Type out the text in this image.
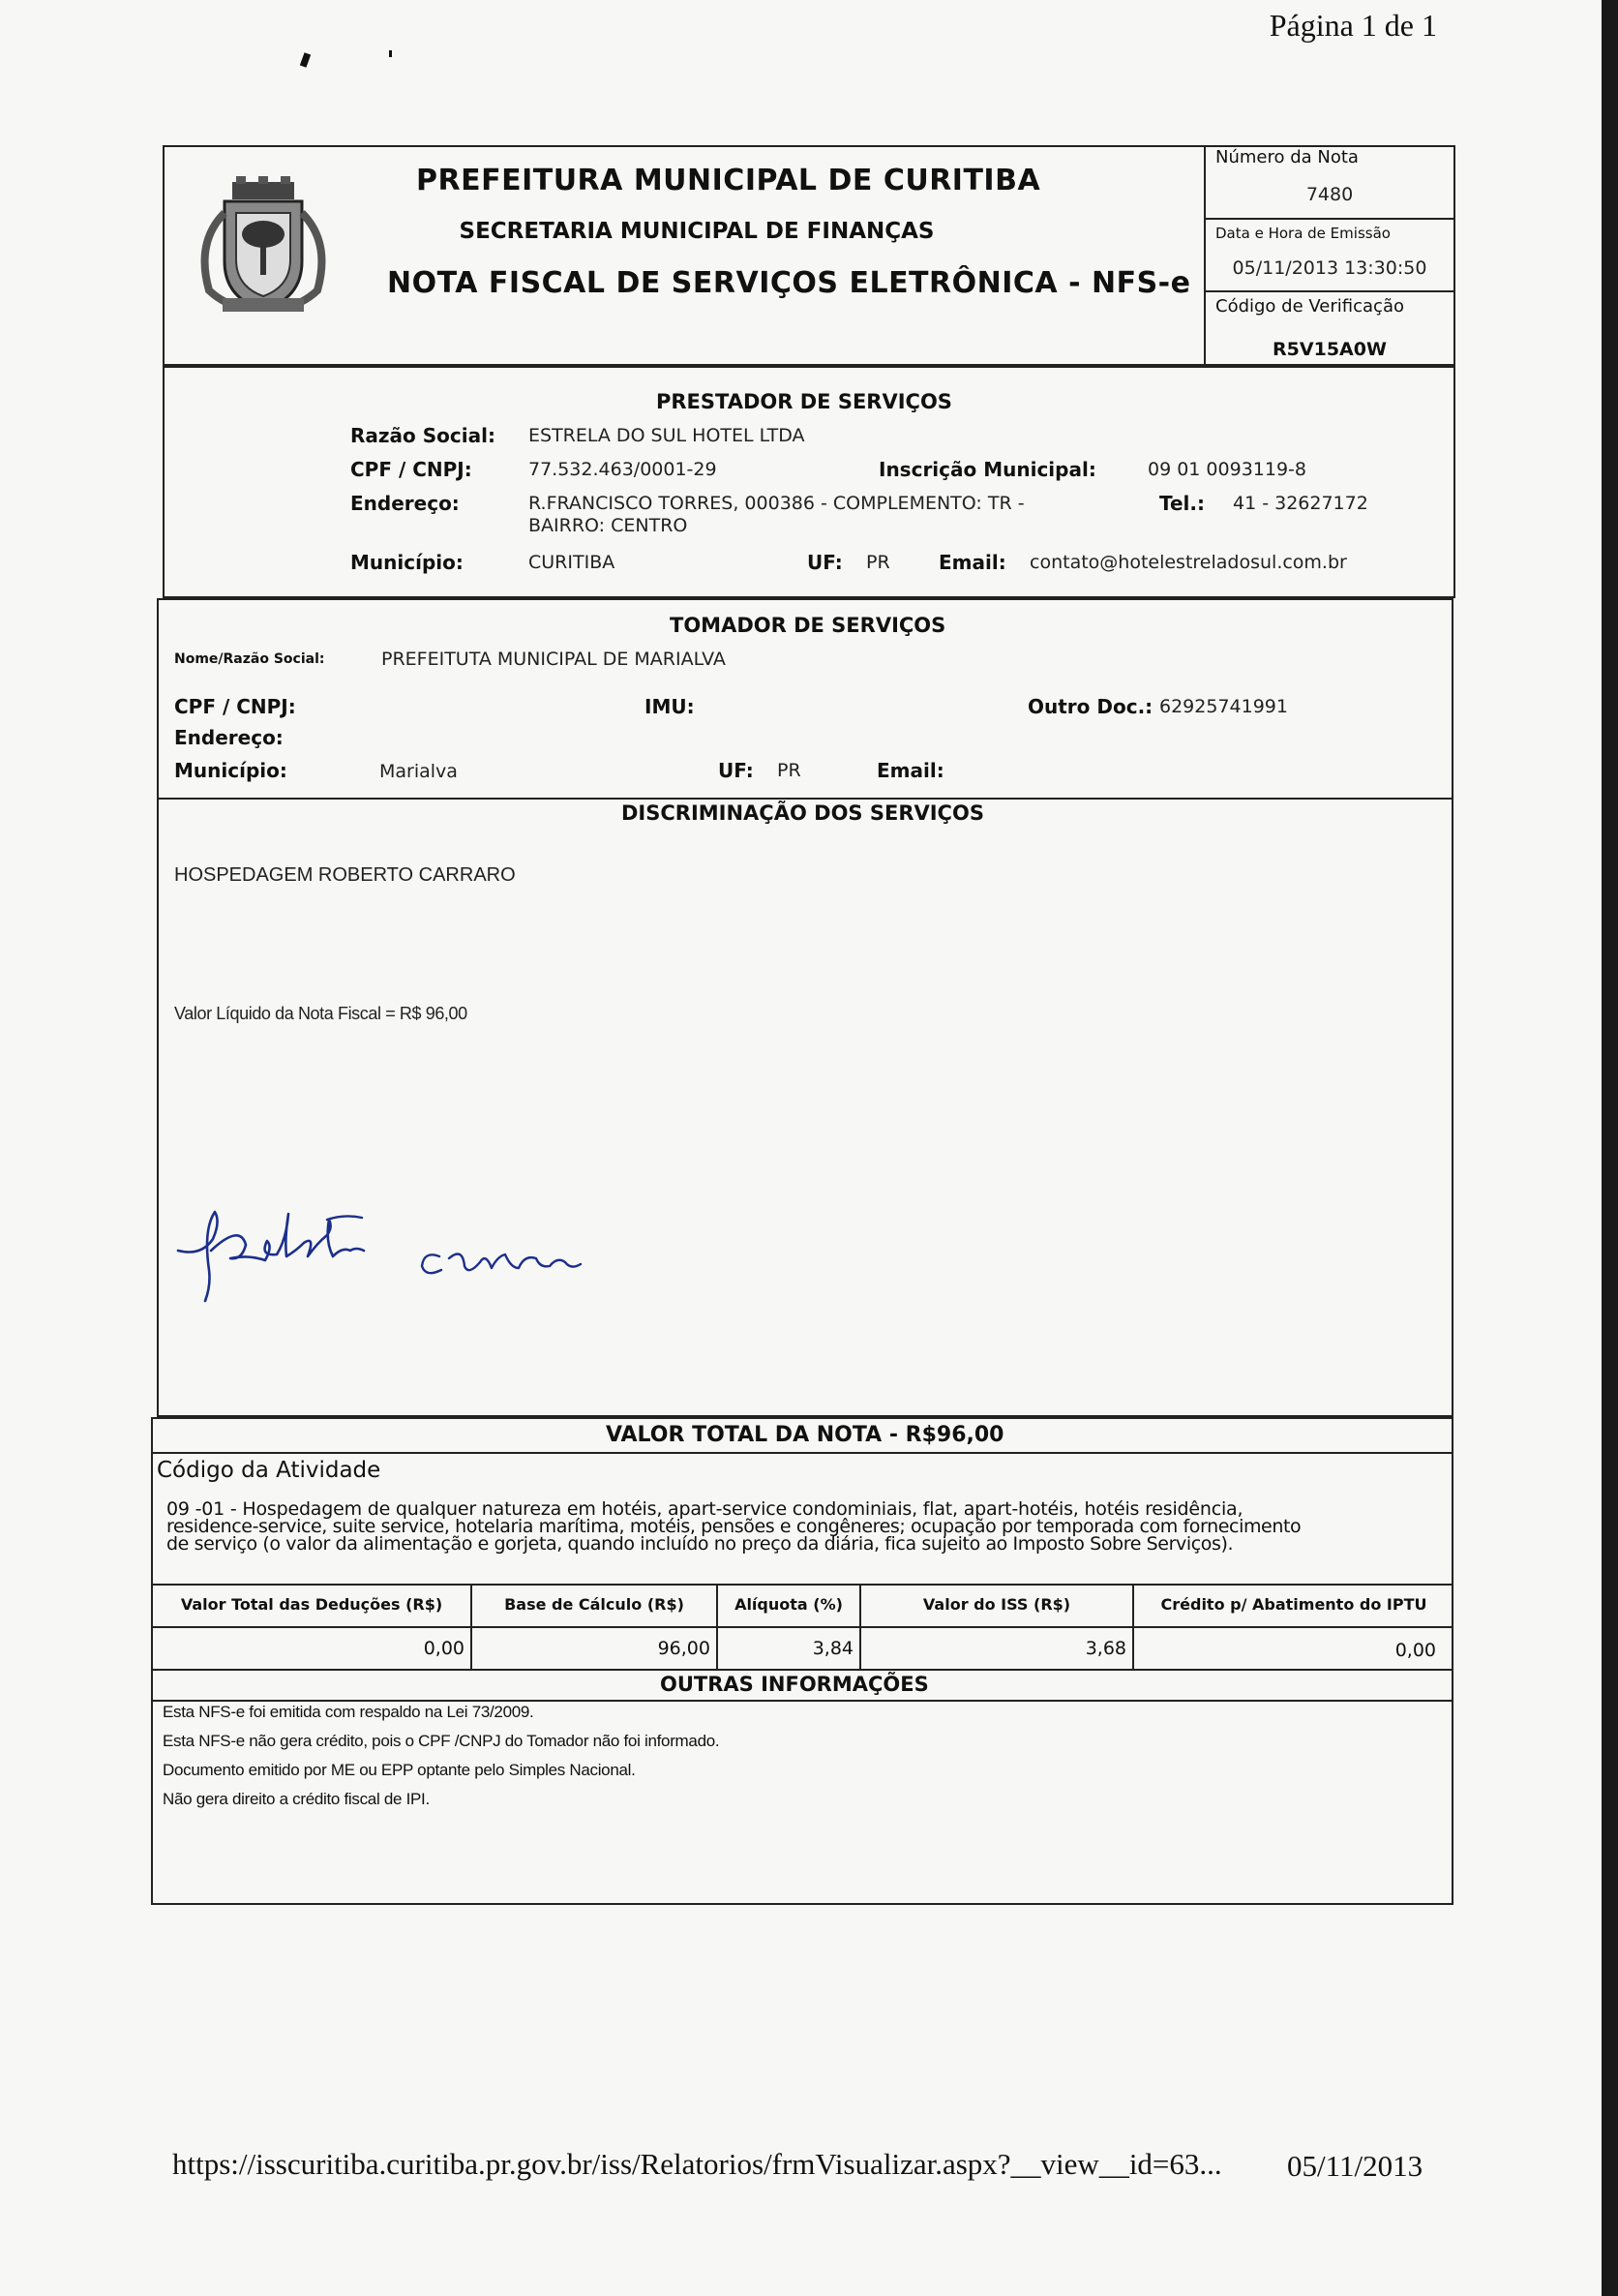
Página 1 de 1
PREFEITURA MUNICIPAL DE CURITIBA
SECRETARIA MUNICIPAL DE FINANÇAS
NOTA FISCAL DE SERVIÇOS ELETRÔNICA - NFS-e
Número da Nota
7480
Data e Hora de Emissão
05/11/2013 13:30:50
Código de Verificação
R5V15A0W
PRESTADOR DE SERVIÇOS
Razão Social: ESTRELA DO SUL HOTEL LTDA
CPF / CNPJ:	77.532.463/0001-29	Inscrição Municipal:	09 01 0093119-8
Endereço:	R.FRANCISCO TORRES, 000386 - COMPLEMENTO: TR -
BAIRRO: CENTRO
Tel.: 41 - 32627172
Município:	CURITIBA	UF: PR	Email: contato@hotelestreladosul.com.br
TOMADOR DE SERVIÇOS
Nome/Razão Social:	PREFEITUTA MUNICIPAL DE MARIALVA
CPF / CNPJ:	IMU:	Outro Doc.: 62925741991
Endereço:
Município:	Marialva	UF: PR	Email:
DISCRIMINAÇÃO DOS SERVIÇOS
HOSPEDAGEM ROBERTO CARRARO
Valor Líquido da Nota Fiscal = R$ 96,00
VALOR TOTAL DA NOTA - R$96,00
Código da Atividade
09 -01 - Hospedagem de qualquer natureza em hotéis, apart-service condominiais, flat, apart-hotéis, hotéis residência,
residence-service, suite service, hotelaria marítima, motéis, pensões e congêneres; ocupação por temporada com fornecimento
de serviço (o valor da alimentação e gorjeta, quando incluído no preço da diária, fica sujeito ao Imposto Sobre Serviços).
Valor Total das Deduções (R$)	Base de Cálculo (R$)	Alíquota (%)	Valor do ISS (R$)	Crédito p/ Abatimento do IPTU
0,00	96,00	3,84	3,68	0,00
OUTRAS INFORMAÇÕES
Esta NFS-e foi emitida com respaldo na Lei 73/2009.
Esta NFS-e não gera crédito, pois o CPF /CNPJ do Tomador não foi informado.
Documento emitido por ME ou EPP optante pelo Simples Nacional.
Não gera direito a crédito fiscal de IPI.
https://isscuritiba.curitiba.pr.gov.br/iss/Relatorios/frmVisualizar.aspx?__view__id=63... 05/11/2013
